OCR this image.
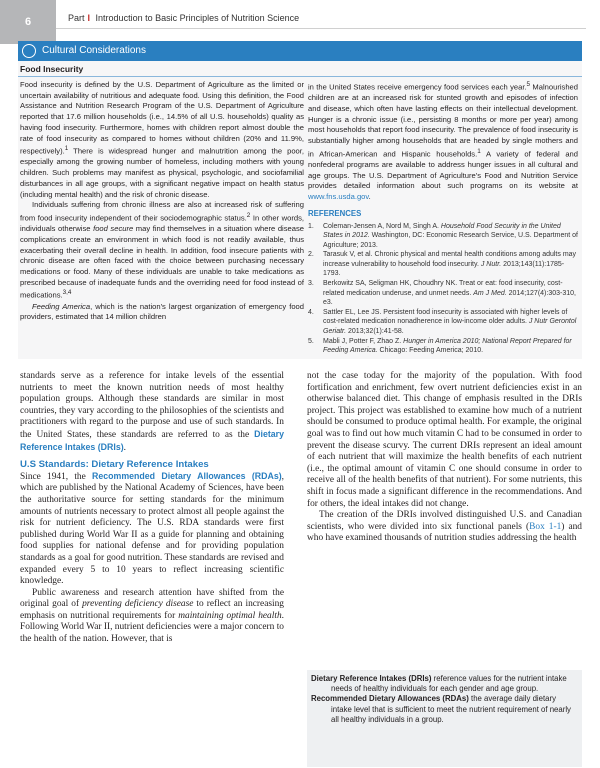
6	Part I Introduction to Basic Principles of Nutrition Science
Cultural Considerations
Food Insecurity

Food insecurity is defined by the U.S. Department of Agriculture as the limited or uncertain availability of nutritious and adequate food. Using this definition, the Food Assistance and Nutrition Research Program of the U.S. Department of Agriculture reported that 17.6 million households (i.e., 14.5% of all U.S. households) quality as having food insecurity. Furthermore, homes with children report almost double the rate of food insecurity as compared to homes without children (20% and 11.9%, respectively).$^1$ There is widespread hunger and malnutrition among the poor, especially among the growing number of homeless, including mothers with young children. Such problems may manifest as physical, psychologic, and sociofamilial disturbances in all age groups, with a significant negative impact on health status (including mental health) and the risk of chronic disease.

Individuals suffering from chronic illness are also at increased risk of suffering from food insecurity independent of their sociodemographic status.$^2$ In other words, individuals otherwise food secure may find themselves in a situation where disease complications create an environment in which food is not readily available, thus exacerbating their overall decline in health. In addition, food insecure patients with chronic disease are often faced with the choice between purchasing necessary medications or food. Many of these individuals are unable to take medications as prescribed because of inadequate funds and the overriding need for food instead of medications.$^{3,4}$

Feeding America, which is the nation's largest organization of emergency food providers, estimated that 14 million children

in the United States receive emergency food services each year.$^5$ Malnourished children are at an increased risk for stunted growth and episodes of infection and disease, which often have lasting effects on their intellectual development. Hunger is a chronic issue (i.e., persisting 8 months or more per year) among most households that report food insecurity. The prevalence of food insecurity is substantially higher among households that are headed by single mothers and in African-American and Hispanic households.$^1$ A variety of federal and nonfederal programs are available to address hunger issues in all cultural and age groups. The U.S. Department of Agriculture's Food and Nutrition Service provides detailed information about such programs on its website at www.fns.usda.gov.

REFERENCES
1. Coleman-Jensen A, Nord M, Singh A. Household Food Security in the United States in 2012. Washington, DC: Economic Research Service, U.S. Department of Agriculture; 2013.
2. Tarasuk V, et al. Chronic physical and mental health conditions among adults may increase vulnerability to household food insecurity. J Nutr. 2013;143(11):1785-1793.
3. Berkowitz SA, Seligman HK, Choudhry NK. Treat or eat: food insecurity, cost-related medication underuse, and unmet needs. Am J Med. 2014;127(4):303-310, e3.
4. Sattler EL, Lee JS. Persistent food insecurity is associated with higher levels of cost-related medication nonadherence in low-income older adults. J Nutr Gerontol Geriatr. 2013;32(1):41-58.
5. Mabli J, Potter F, Zhao Z. Hunger in America 2010; National Report Prepared for Feeding America. Chicago: Feeding America; 2010.

standards serve as a reference for intake levels of the essential nutrients to meet the known nutrition needs of most healthy population groups. Although these standards are similar in most countries, they vary according to the philosophies of the scientists and practitioners with regard to the purpose and use of such standards. In the United States, these standards are referred to as the Dietary Reference Intakes (DRIs).

U.S Standards: Dietary Reference Intakes

Since 1941, the Recommended Dietary Allowances (RDAs), which are published by the National Academy of Sciences, have been the authoritative source for setting standards for the minimum amounts of nutrients necessary to protect almost all people against the risk for nutrient deficiency. The U.S. RDA standards were first published during World War II as a guide for planning and obtaining food supplies for national defense and for providing population standards as a goal for good nutrition. These standards are revised and expanded every 5 to 10 years to reflect increasing scientific knowledge.

Public awareness and research attention have shifted from the original goal of preventing deficiency disease to reflect an increasing emphasis on nutritional requirements for maintaining optimal health. Following World War II, nutrient deficiencies were a major concern to the health of the nation. However, that is

not the case today for the majority of the population. With food fortification and enrichment, few overt nutrient deficiencies exist in an otherwise balanced diet. This change of emphasis resulted in the DRIs project. This project was established to examine how much of a nutrient should be consumed to produce optimal health. For example, the original goal was to find out how much vitamin C had to be consumed in order to prevent the disease scurvy. The current DRIs represent an ideal amount of each nutrient that will maximize the health benefits of each nutrient (i.e., the optimal amount of vitamin C one should consume in order to receive all of the health benefits of that nutrient). For some nutrients, this shift in focus made a significant difference in the recommendations. And for others, the ideal intakes did not change.

The creation of the DRIs involved distinguished U.S. and Canadian scientists, who were divided into six functional panels (Box 1-1) and who have examined thousands of nutrition studies addressing the health

Dietary Reference Intakes (DRIs) reference values for the nutrient intake needs of healthy individuals for each gender and age group.
Recommended Dietary Allowances (RDAs) the average daily dietary intake level that is sufficient to meet the nutrient requirement of nearly all healthy individuals in a group.
